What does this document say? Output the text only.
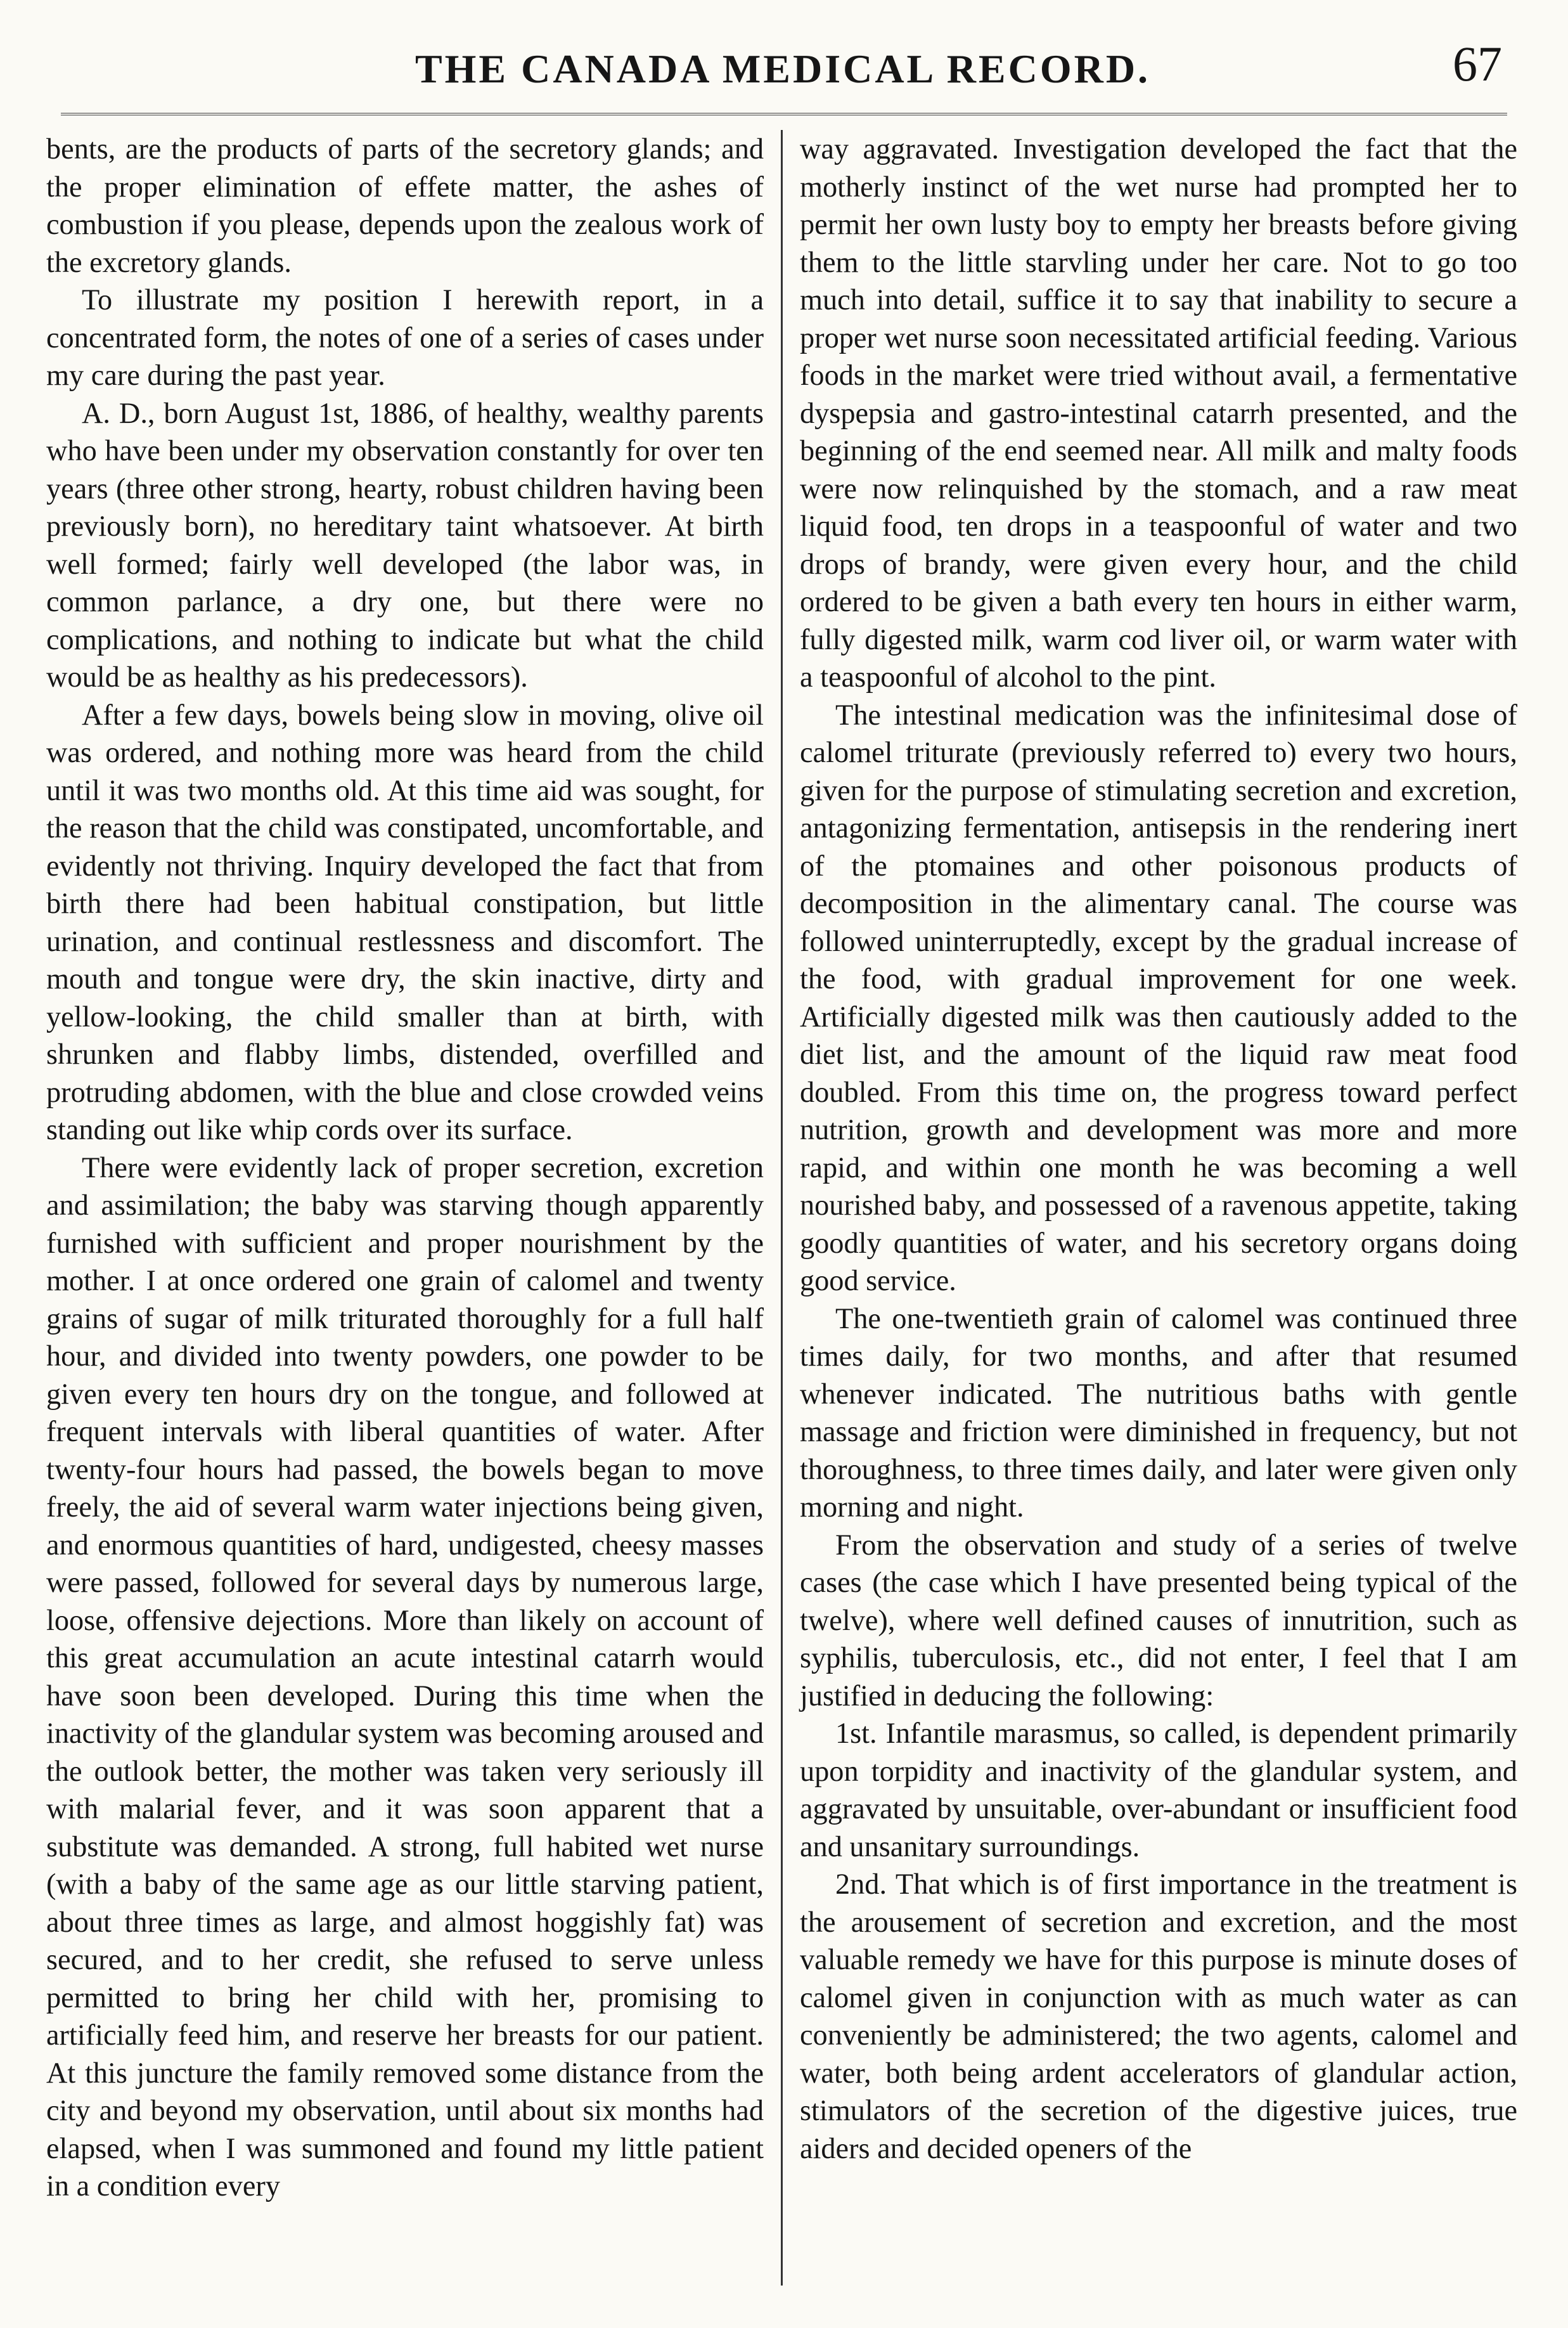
THE CANADA MEDICAL RECORD.	67

bents, are the products of parts of the secretory glands; and the proper elimination of effete matter, the ashes of combustion if you please, depends upon the zealous work of the excretory glands.

To illustrate my position I herewith report, in a concentrated form, the notes of one of a series of cases under my care during the past year.

A. D., born August 1st, 1886, of healthy, wealthy parents who have been under my observation constantly for over ten years (three other strong, hearty, robust children having been previously born), no hereditary taint whatsoever. At birth well formed; fairly well developed (the labor was, in common parlance, a dry one, but there were no complications, and nothing to indicate but what the child would be as healthy as his predecessors).

After a few days, bowels being slow in moving, olive oil was ordered, and nothing more was heard from the child until it was two months old. At this time aid was sought, for the reason that the child was constipated, uncomfortable, and evidently not thriving. Inquiry developed the fact that from birth there had been habitual constipation, but little urination, and continual restlessness and discomfort. The mouth and tongue were dry, the skin inactive, dirty and yellow-looking, the child smaller than at birth, with shrunken and flabby limbs, distended, overfilled and protruding abdomen, with the blue and close crowded veins standing out like whip cords over its surface.

There were evidently lack of proper secretion, excretion and assimilation; the baby was starving though apparently furnished with sufficient and proper nourishment by the mother. I at once ordered one grain of calomel and twenty grains of sugar of milk triturated thoroughly for a full half hour, and divided into twenty powders, one powder to be given every ten hours dry on the tongue, and followed at frequent intervals with liberal quantities of water. After twenty-four hours had passed, the bowels began to move freely, the aid of several warm water injections being given, and enormous quantities of hard, undigested, cheesy masses were passed, followed for several days by numerous large, loose, offensive dejections. More than likely on account of this great accumulation an acute intestinal catarrh would have soon been developed. During this time when the inactivity of the glandular system was becoming aroused and the outlook better, the mother was taken very seriously ill with malarial fever, and it was soon apparent that a substitute was demanded. A strong, full habited wet nurse (with a baby of the same age as our little starving patient, about three times as large, and almost hoggishly fat) was secured, and to her credit, she refused to serve unless permitted to bring her child with her, promising to artificially feed him, and reserve her breasts for our patient. At this juncture the family removed some distance from the city and beyond my observation, until about six months had elapsed, when I was summoned and found my little patient in a condition every

way aggravated. Investigation developed the fact that the motherly instinct of the wet nurse had prompted her to permit her own lusty boy to empty her breasts before giving them to the little starvling under her care. Not to go too much into detail, suffice it to say that inability to secure a proper wet nurse soon necessitated artificial feeding. Various foods in the market were tried without avail, a fermentative dyspepsia and gastro-intestinal catarrh presented, and the beginning of the end seemed near. All milk and malty foods were now relinquished by the stomach, and a raw meat liquid food, ten drops in a teaspoonful of water and two drops of brandy, were given every hour, and the child ordered to be given a bath every ten hours in either warm, fully digested milk, warm cod liver oil, or warm water with a teaspoonful of alcohol to the pint.

The intestinal medication was the infinitesimal dose of calomel triturate (previously referred to) every two hours, given for the purpose of stimulating secretion and excretion, antagonizing fermentation, antisepsis in the rendering inert of the ptomaines and other poisonous products of decomposition in the alimentary canal. The course was followed uninterruptedly, except by the gradual increase of the food, with gradual improvement for one week. Artificially digested milk was then cautiously added to the diet list, and the amount of the liquid raw meat food doubled. From this time on, the progress toward perfect nutrition, growth and development was more and more rapid, and within one month he was becoming a well nourished baby, and possessed of a ravenous appetite, taking goodly quantities of water, and his secretory organs doing good service.

The one-twentieth grain of calomel was continued three times daily, for two months, and after that resumed whenever indicated. The nutritious baths with gentle massage and friction were diminished in frequency, but not thoroughness, to three times daily, and later were given only morning and night.

From the observation and study of a series of twelve cases (the case which I have presented being typical of the twelve), where well defined causes of innutrition, such as syphilis, tuberculosis, etc., did not enter, I feel that I am justified in deducing the following:

1st. Infantile marasmus, so called, is dependent primarily upon torpidity and inactivity of the glandular system, and aggravated by unsuitable, over-abundant or insufficient food and unsanitary surroundings.

2nd. That which is of first importance in the treatment is the arousement of secretion and excretion, and the most valuable remedy we have for this purpose is minute doses of calomel given in conjunction with as much water as can conveniently be administered; the two agents, calomel and water, both being ardent accelerators of glandular action, stimulators of the secretion of the digestive juices, true aiders and decided openers of the
